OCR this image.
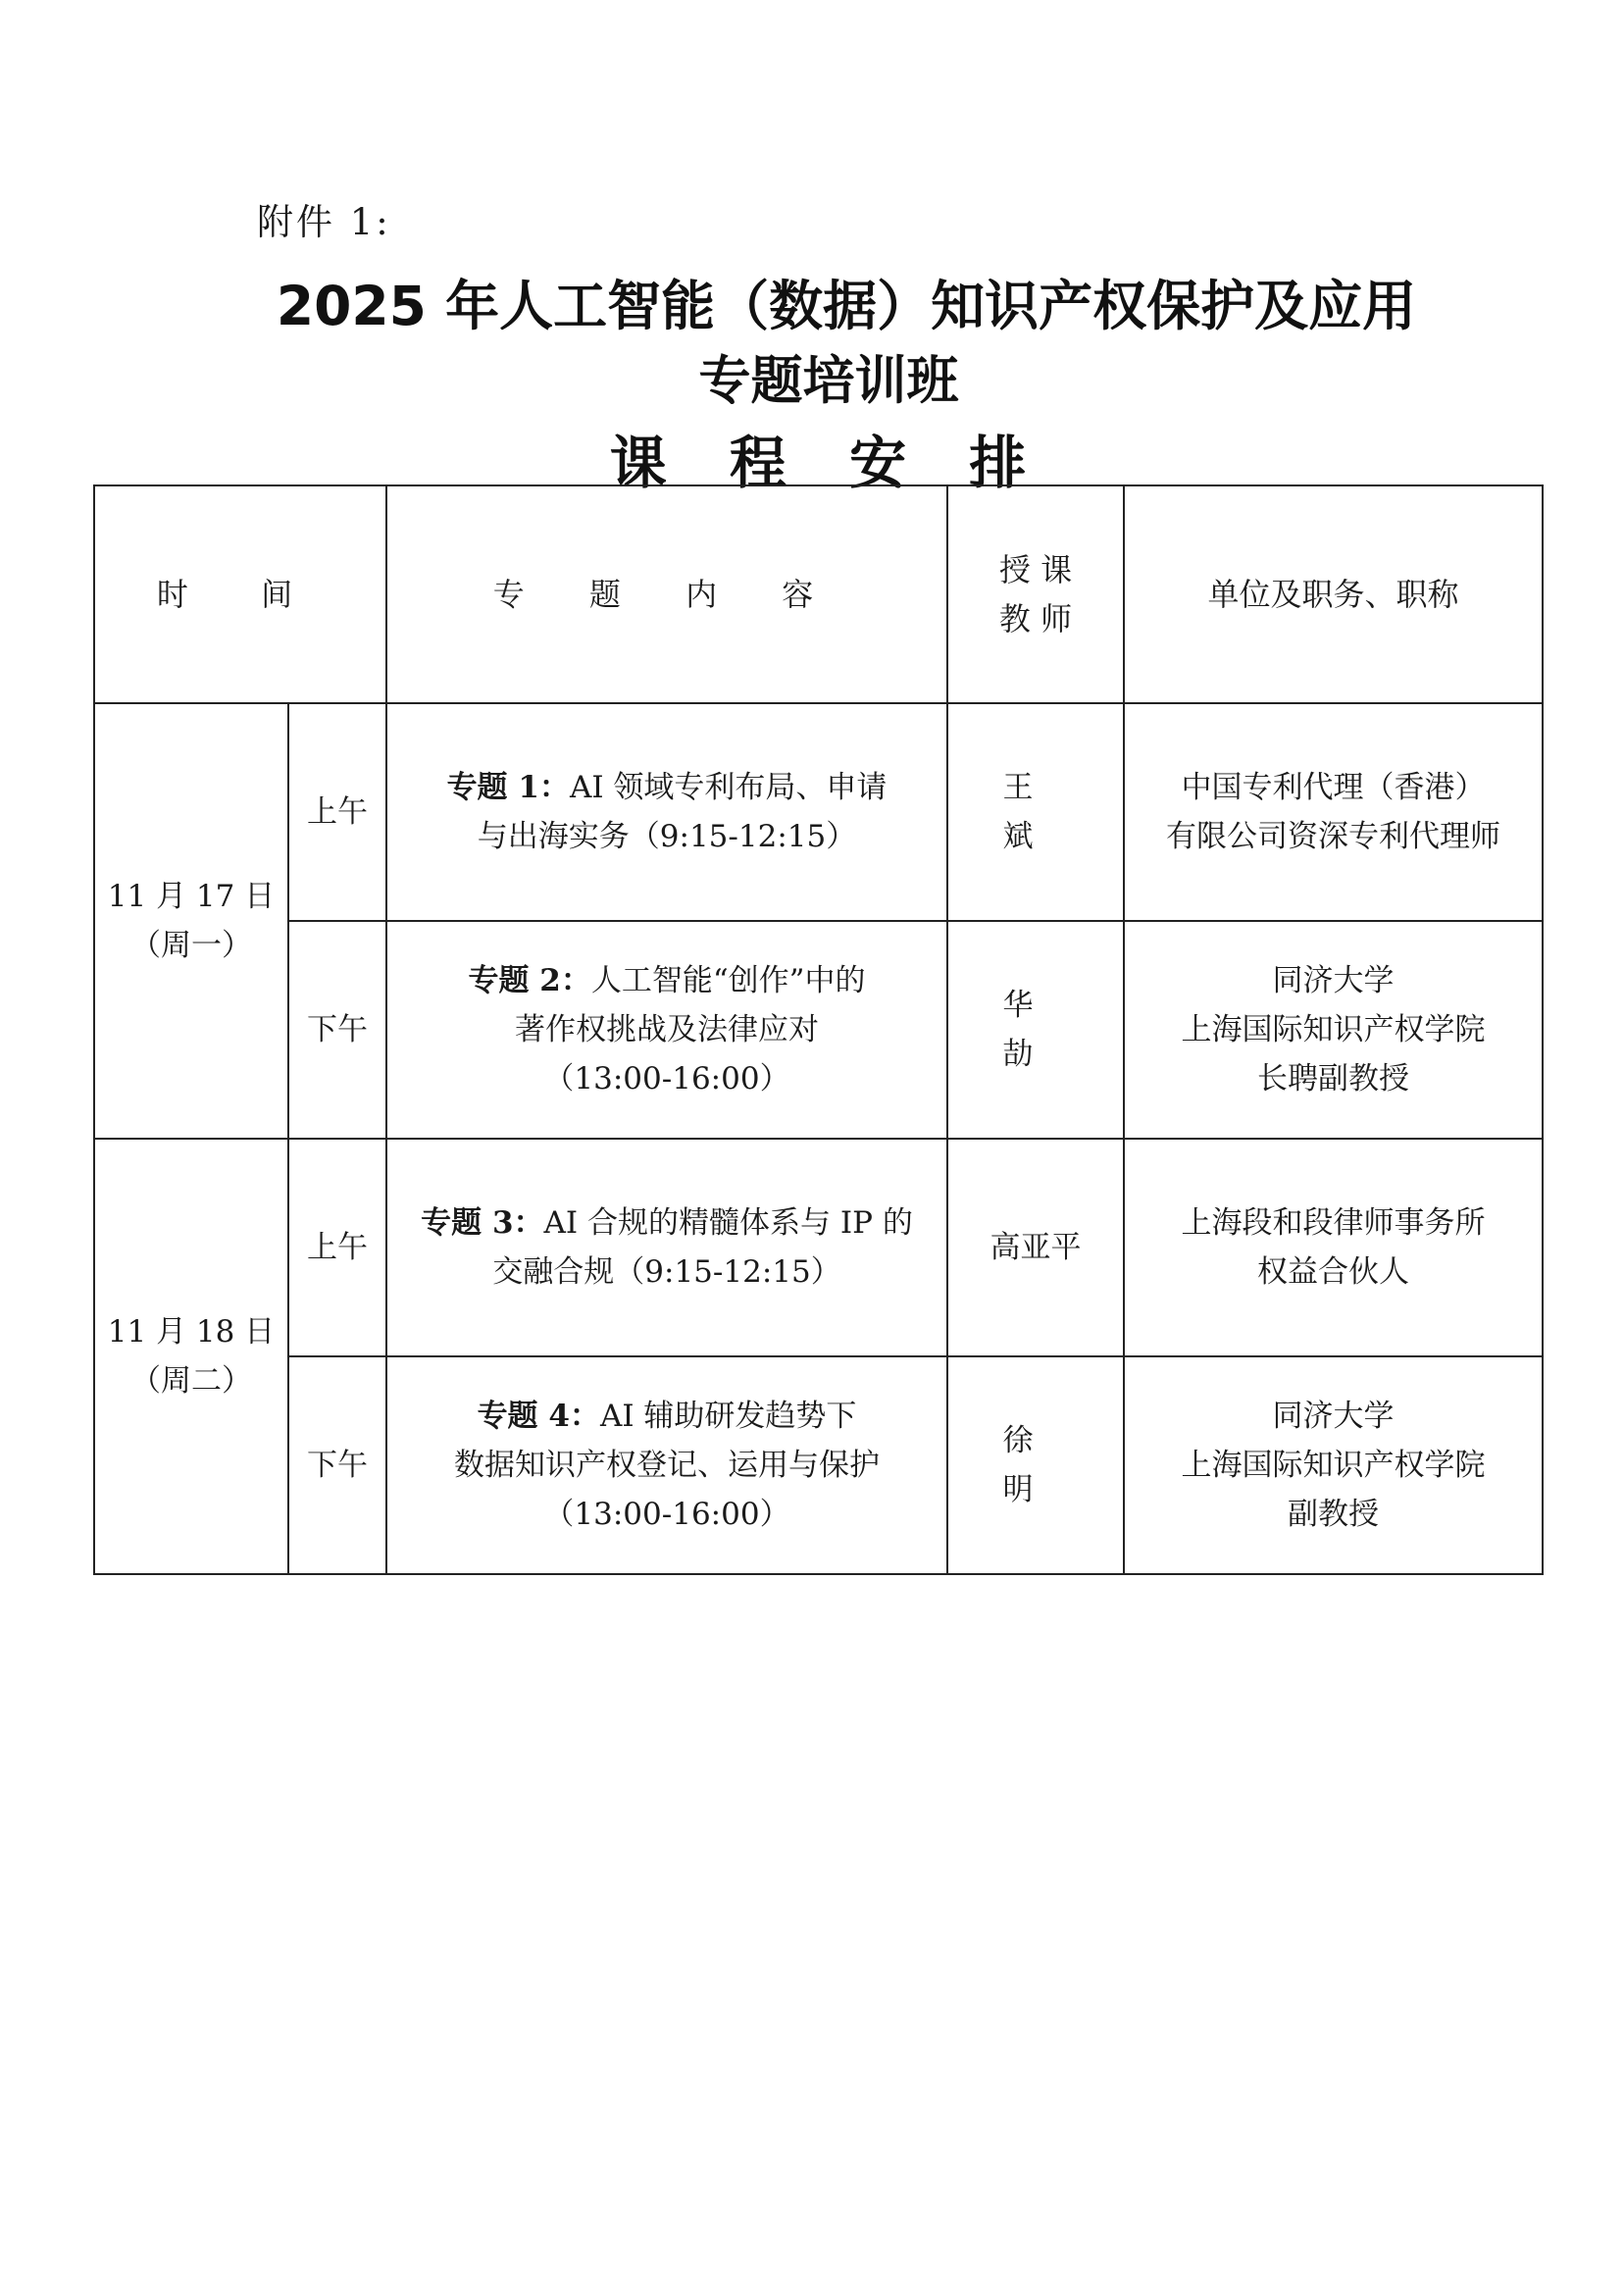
附件 1:
2025 年人工智能（数据）知识产权保护及应用
专题培训班
课 程 安 排
时 间		专 题 内 容	授 课
教 师	单位及职务、职称

11 月 17 日
（周一）	上午	专题 1：AI 领域专利布局、申请
与出海实务（9:15-12:15）	王 斌	中国专利代理（香港）
有限公司资深专利代理师

	下午	专题 2：人工智能“创作”中的
著作权挑战及法律应对
（13:00-16:00）	华 劼	同济大学
上海国际知识产权学院
长聘副教授

11 月 18 日
（周二）	上午	专题 3：AI 合规的精髓体系与 IP 的
交融合规（9:15-12:15）	高亚平	上海段和段律师事务所
权益合伙人

	下午	专题 4：AI 辅助研发趋势下
数据知识产权登记、运用与保护
（13:00-16:00）	徐 明	同济大学
上海国际知识产权学院
副教授
